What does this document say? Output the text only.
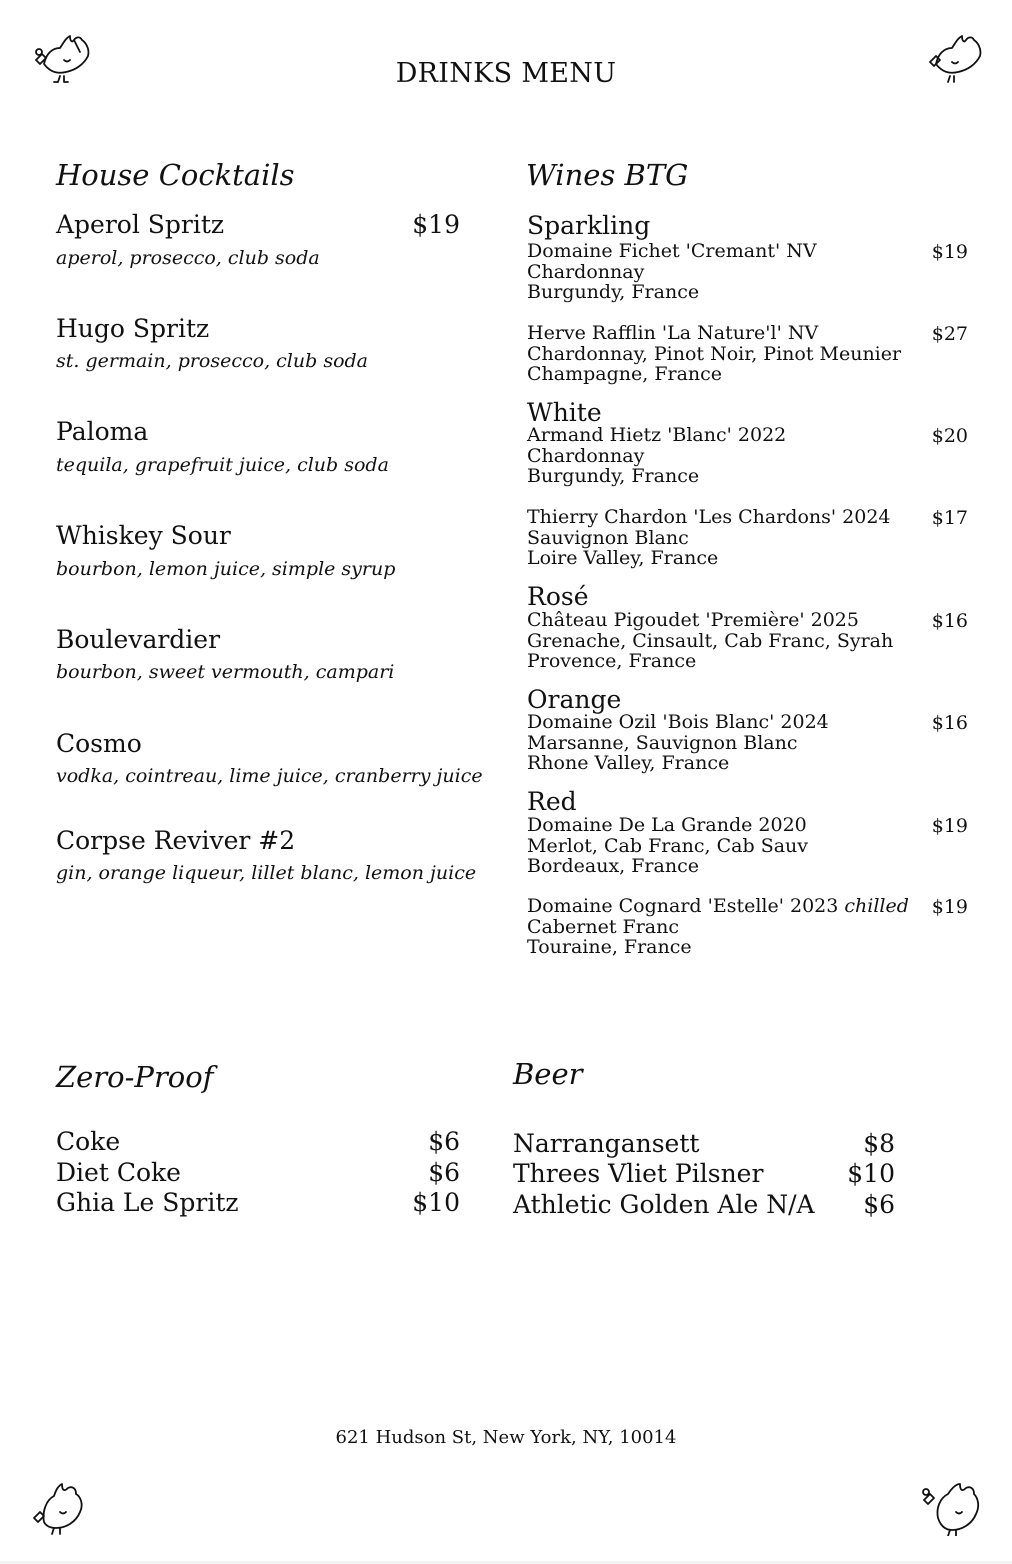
DRINKS MENU
House Cocktails
Aperol Spritz	$19
aperol, prosecco, club soda
Hugo Spritz
st. germain, prosecco, club soda
Paloma
tequila, grapefruit juice, club soda
Whiskey Sour
bourbon, lemon juice, simple syrup
Boulevardier
bourbon, sweet vermouth, campari
Cosmo
vodka, cointreau, lime juice, cranberry juice
Corpse Reviver #2
gin, orange liqueur, lillet blanc, lemon juice
Wines BTG
Sparkling
Domaine Fichet 'Cremant' NV
Chardonnay
Burgundy, France
$19
Herve Rafflin 'La Nature'l' NV
Chardonnay, Pinot Noir, Pinot Meunier
Champagne, France
$27
White
Armand Hietz 'Blanc' 2022
Chardonnay
Burgundy, France
$20
Thierry Chardon 'Les Chardons' 2024
Sauvignon Blanc
Loire Valley, France
$17
Rosé
Château Pigoudet 'Première' 2025
Grenache, Cinsault, Cab Franc, Syrah
Provence, France
$16
Orange
Domaine Ozil 'Bois Blanc' 2024
Marsanne, Sauvignon Blanc
Rhone Valley, France
$16
Red
Domaine De La Grande 2020
Merlot, Cab Franc, Cab Sauv
Bordeaux, France
$19
Domaine Cognard 'Estelle' 2023 chilled
Cabernet Franc
Touraine, France
$19
Zero-Proof
Coke	$6
Diet Coke	$6
Ghia Le Spritz	$10
Beer
Narrangansett	$8
Threes Vliet Pilsner	$10
Athletic Golden Ale N/A	$6
621 Hudson St, New York, NY, 10014
